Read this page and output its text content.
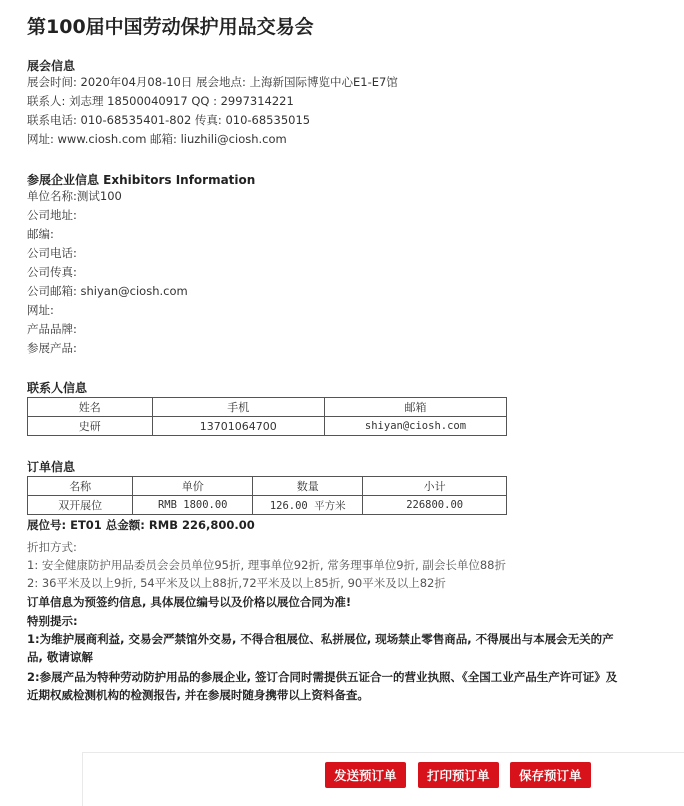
第100届中国劳动保护用品交易会
展会信息
展会时间: 2020年04月08-10日 展会地点: 上海新国际博览中心E1-E7馆
联系人: 刘志理 18500040917 QQ : 2997314221
联系电话: 010-68535401-802 传真: 010-68535015
网址: www.ciosh.com 邮箱: liuzhili@ciosh.com
参展企业信息 Exhibitors Information
单位名称:测试100
公司地址:
邮编:
公司电话:
公司传真:
公司邮箱: shiyan@ciosh.com
网址:
产品品牌:
参展产品:
联系人信息
姓名	手机	邮箱
史研	13701064700	shiyan@ciosh.com
订单信息
名称	单价	数量	小计
双开展位	RMB 1800.00	126.00 平方米	226800.00
展位号: ET01 总金额: RMB 226,800.00
折扣方式:
1: 安全健康防护用品委员会会员单位95折, 理事单位92折, 常务理事单位9折, 副会长单位88折
2: 36平米及以上9折, 54平米及以上88折,72平米及以上85折, 90平米及以上82折
订单信息为预签约信息, 具体展位编号以及价格以展位合同为准!
特别提示:
1:为维护展商利益, 交易会严禁馆外交易, 不得合租展位、私拼展位, 现场禁止零售商品, 不得展出与本展会无关的产品, 敬请谅解
2:参展产品为特种劳动防护用品的参展企业, 签订合同时需提供五证合一的营业执照、《全国工业产品生产许可证》及近期权威检测机构的检测报告, 并在参展时随身携带以上资料备查。
发送预订单	打印预订单	保存预订单
